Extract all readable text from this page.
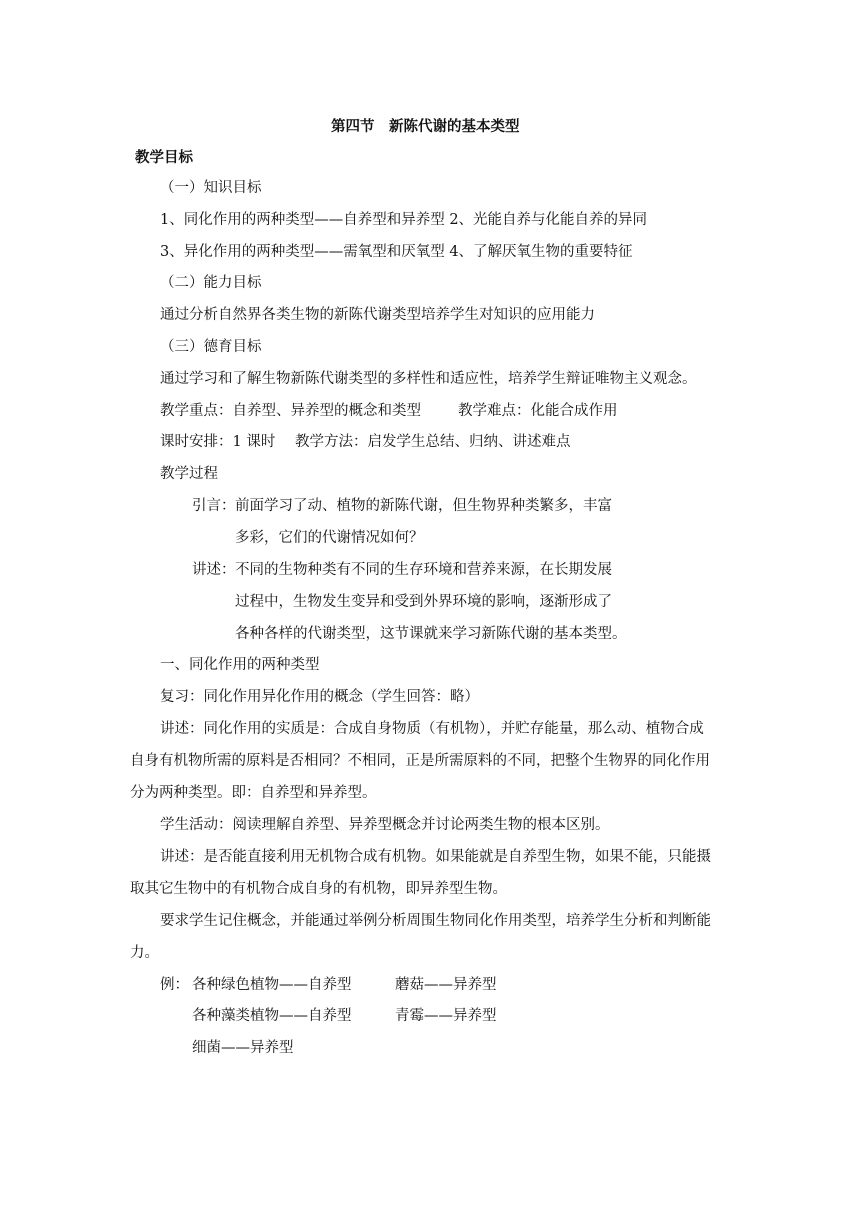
第四节　新陈代谢的基本类型
教学目标
（一）知识目标
1、同化作用的两种类型——自养型和异养型 2、光能自养与化能自养的异同
3、异化作用的两种类型——需氧型和厌氧型 4、了解厌氧生物的重要特征
（二）能力目标
通过分析自然界各类生物的新陈代谢类型培养学生对知识的应用能力
（三）德育目标
通过学习和了解生物新陈代谢类型的多样性和适应性，培养学生辩证唯物主义观念。
教学重点：自养型、异养型的概念和类型	教学难点：化能合成作用
课时安排：1 课时 教学方法：启发学生总结、归纳、讲述难点
教学过程
引言： 前面学习了动、植物的新陈代谢，但生物界种类繁多，丰富
多彩，它们的代谢情况如何？
讲述： 不同的生物种类有不同的生存环境和营养来源，在长期发展
过程中，生物发生变异和受到外界环境的影响，逐渐形成了
各种各样的代谢类型，这节课就来学习新陈代谢的基本类型。
一、同化作用的两种类型
复习：同化作用异化作用的概念（学生回答：略）
讲述：同化作用的实质是：合成自身物质（有机物），并贮存能量，那么动、植物合成
自身有机物所需的原料是否相同？不相同，正是所需原料的不同，把整个生物界的同化作用
分为两种类型。即：自养型和异养型。
学生活动：阅读理解自养型、异养型概念并讨论两类生物的根本区别。
讲述：是否能直接利用无机物合成有机物。如果能就是自养型生物，如果不能，只能摄
取其它生物中的有机物合成自身的有机物，即异养型生物。
要求学生记住概念，并能通过举例分析周围生物同化作用类型，培养学生分析和判断能
力。
例： 各种绿色植物——自养型	蘑菇——异养型
各种藻类植物——自养型	青霉——异养型
细菌——异养型
